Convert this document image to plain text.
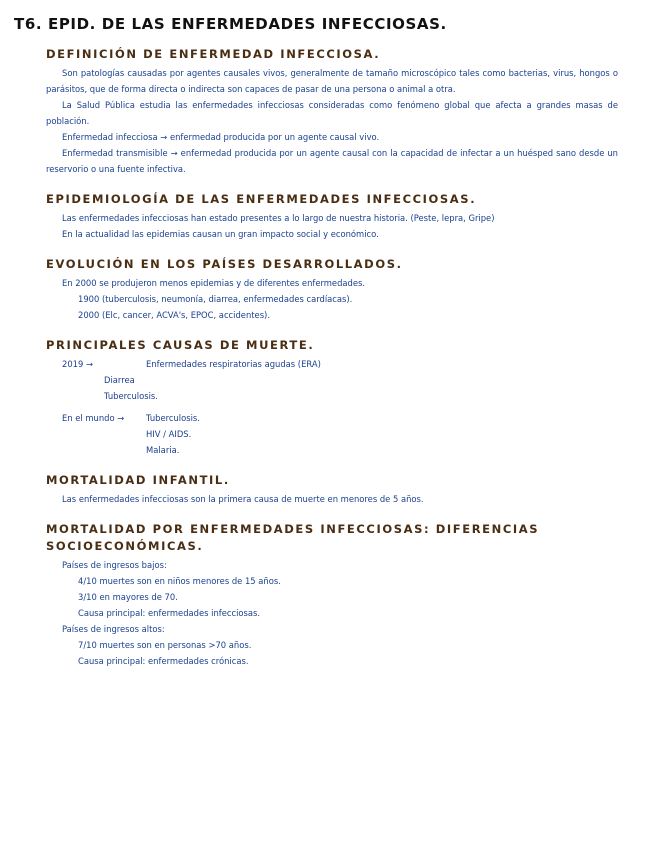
T6. EPID. DE LAS ENFERMEDADES INFECCIOSAS.
DEFINICIÓN DE ENFERMEDAD INFECCIOSA.

Son patologías causadas por agentes causales vivos, generalmente de tamaño microscópico tales como bacterias, virus, hongos o parásitos, que de forma directa o indirecta son capaces de pasar de una persona o animal a otra.

La Salud Pública estudia las enfermedades infecciosas consideradas como fenómeno global que afecta a grandes masas de población.

Enfermedad infecciosa → enfermedad producida por un agente causal vivo.

Enfermedad transmisible → enfermedad producida por un agente causal con la capacidad de infectar a un huésped sano desde un reservorio o una fuente infectiva.

EPIDEMIOLOGÍA DE LAS ENFERMEDADES INFECCIOSAS.
Las enfermedades infecciosas han estado presentes a lo largo de nuestra historia. (Peste, lepra, Gripe)
En la actualidad las epidemias causan un gran impacto social y económico.
EVOLUCIÓN EN LOS PAÍSES DESARROLLADOS.
En 2000 se produjeron menos epidemias y de diferentes enfermedades.
1900 (tuberculosis, neumonía, diarrea, enfermedades cardíacas).
2000 (Elc, cancer, ACVA's, EPOC, accidentes).
PRINCIPALES CAUSAS DE MUERTE.
2019 →	Enfermedades respiratorias agudas (ERA)
Diarrea
Tuberculosis.
En el mundo →	Tuberculosis.
HIV / AIDS.
Malaria.
MORTALIDAD INFANTIL.
Las enfermedades infecciosas son la primera causa de muerte en menores de 5 años.
MORTALIDAD POR ENFERMEDADES INFECCIOSAS: DIFERENCIAS SOCIOECONÓMICAS.
Países de ingresos bajos:
4/10 muertes son en niños menores de 15 años.
3/10 en mayores de 70.
Causa principal: enfermedades infecciosas.
Países de ingresos altos:
7/10 muertes son en personas >70 años.
Causa principal: enfermedades crónicas.
